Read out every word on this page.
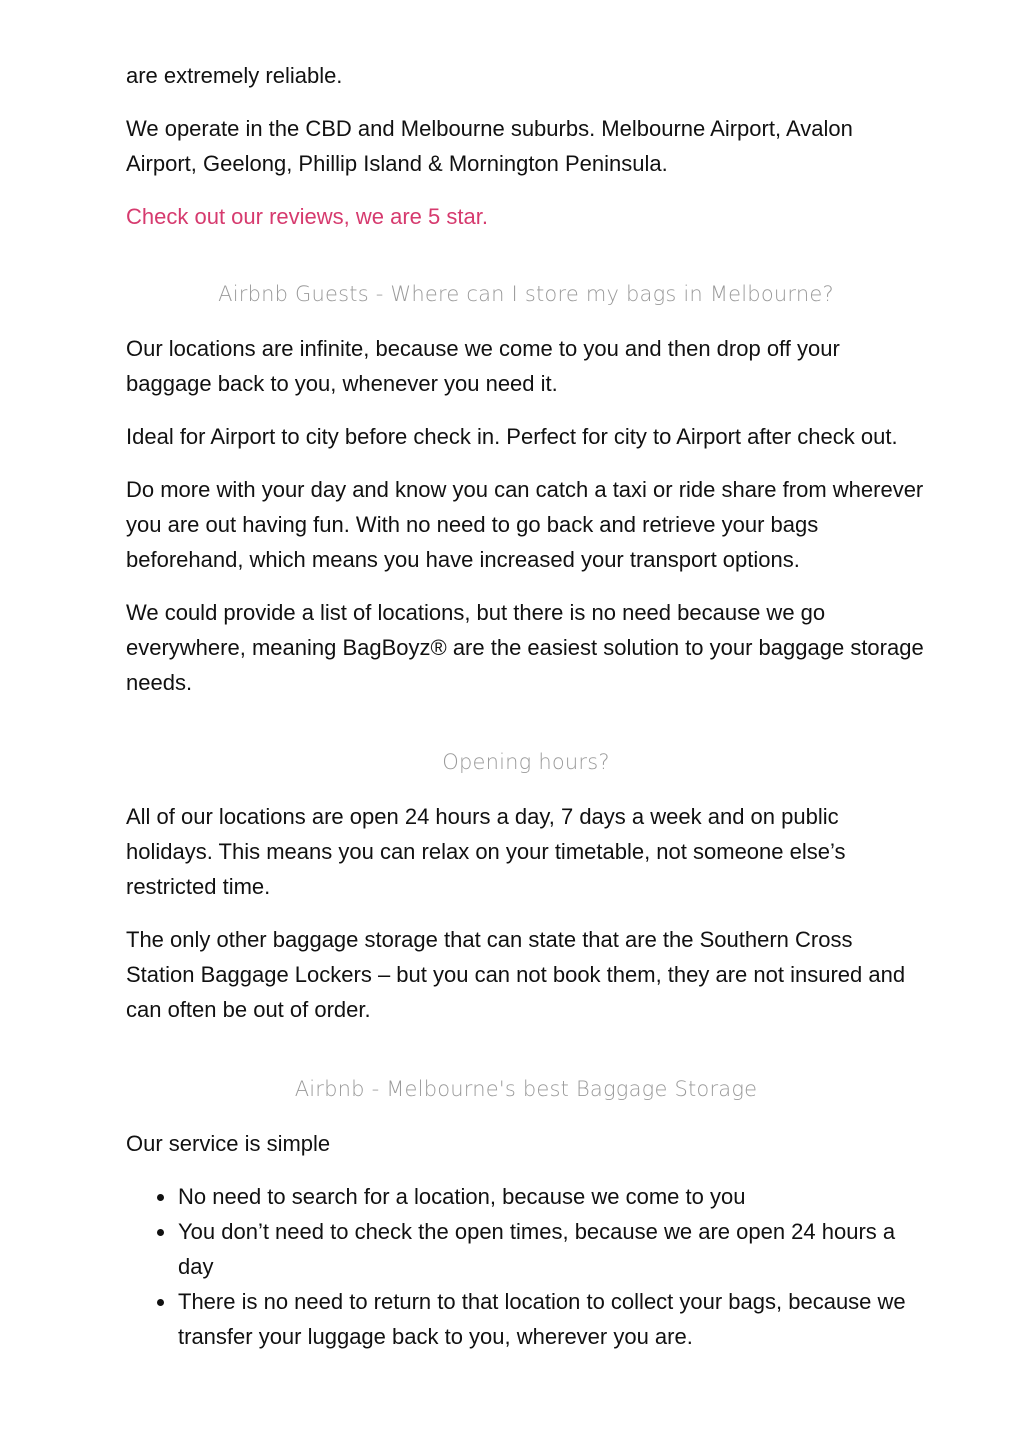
are extremely reliable.

We operate in the CBD and Melbourne suburbs. Melbourne Airport, Avalon Airport, Geelong, Phillip Island & Mornington Peninsula.

Check out our reviews, we are 5 star.

Airbnb Guests - Where can I store my bags in Melbourne?

Our locations are infinite, because we come to you and then drop off your baggage back to you, whenever you need it.

Ideal for Airport to city before check in. Perfect for city to Airport after check out.

Do more with your day and know you can catch a taxi or ride share from wherever you are out having fun. With no need to go back and retrieve your bags beforehand, which means you have increased your transport options.

We could provide a list of locations, but there is no need because we go everywhere, meaning BagBoyz® are the easiest solution to your baggage storage needs.

Opening hours?

All of our locations are open 24 hours a day, 7 days a week and on public holidays. This means you can relax on your timetable, not someone else’s restricted time.

The only other baggage storage that can state that are the Southern Cross Station Baggage Lockers – but you can not book them, they are not insured and can often be out of order.

Airbnb - Melbourne's best Baggage Storage

Our service is simple

No need to search for a location, because we come to you
You don’t need to check the open times, because we are open 24 hours a day
There is no need to return to that location to collect your bags, because we transfer your luggage back to you, wherever you are.
